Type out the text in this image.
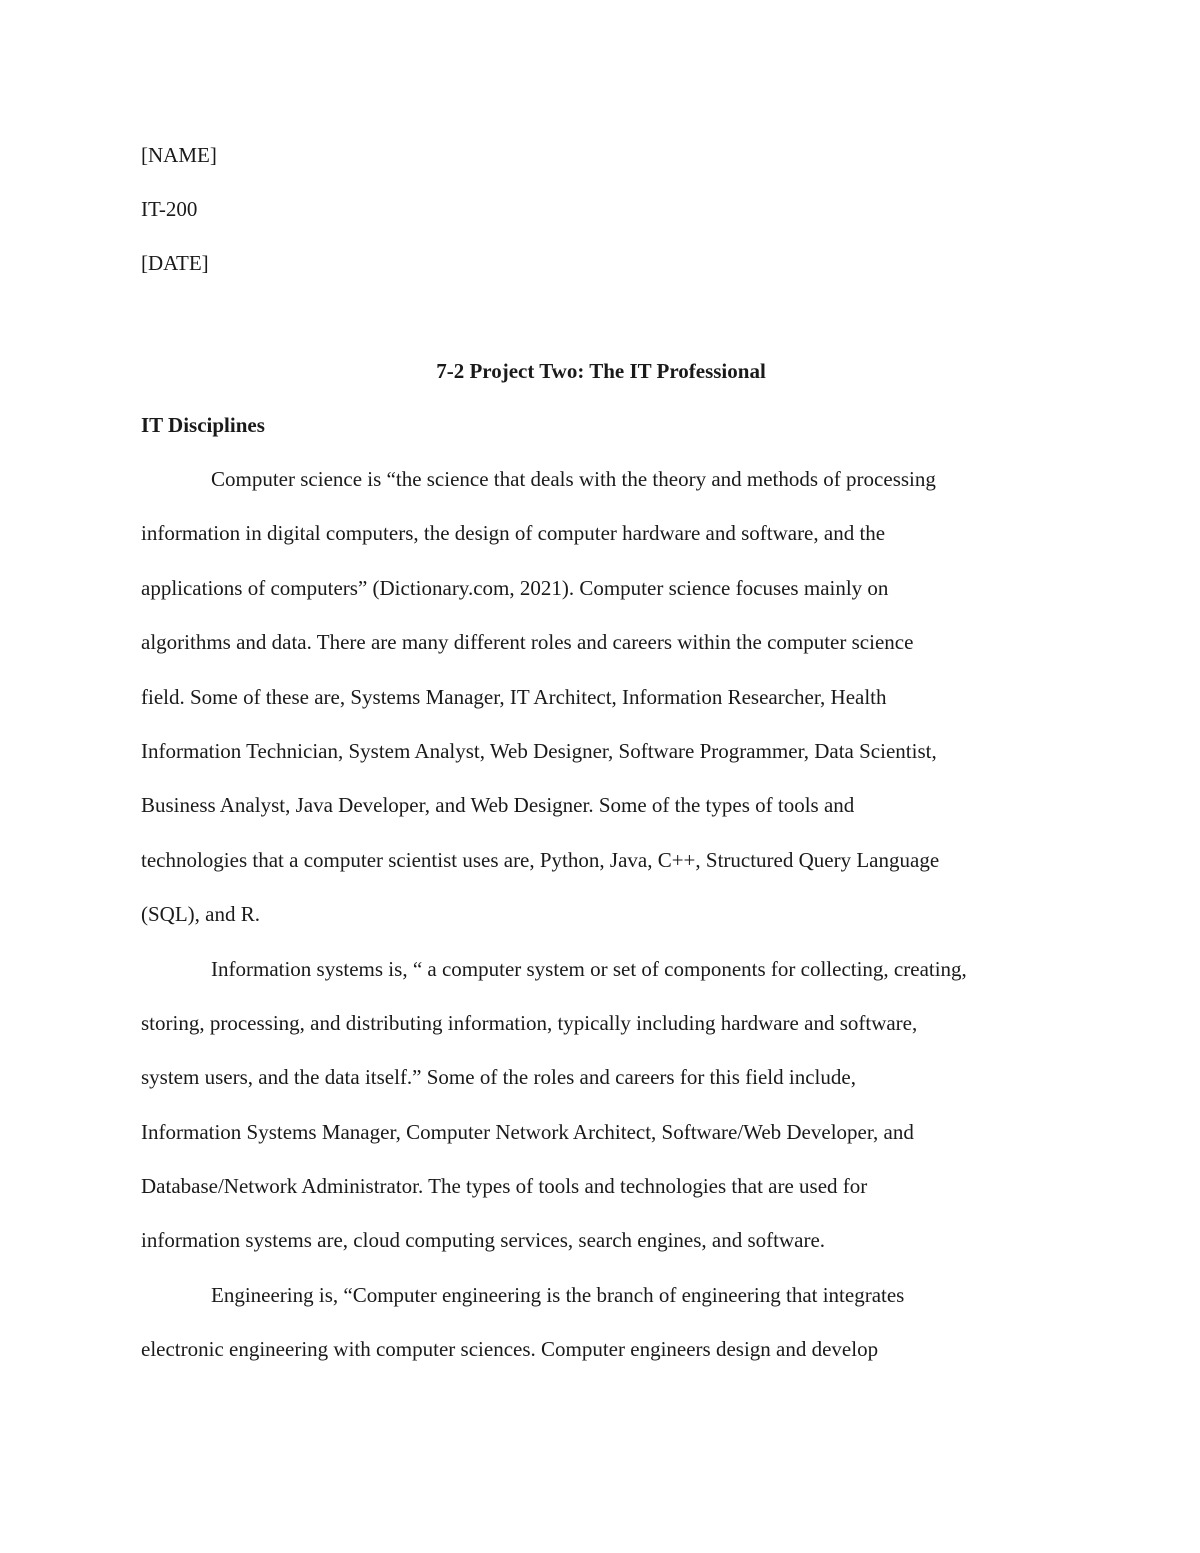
[NAME]
IT-200
[DATE]
7-2 Project Two: The IT Professional
IT Disciplines
Computer science is “the science that deals with the theory and methods of processing
information in digital computers, the design of computer hardware and software, and the
applications of computers” (Dictionary.com, 2021). Computer science focuses mainly on
algorithms and data. There are many different roles and careers within the computer science
field. Some of these are, Systems Manager, IT Architect, Information Researcher, Health
Information Technician, System Analyst, Web Designer, Software Programmer, Data Scientist,
Business Analyst, Java Developer, and Web Designer. Some of the types of tools and
technologies that a computer scientist uses are, Python, Java, C++, Structured Query Language
(SQL), and R.
Information systems is, “ a computer system or set of components for collecting, creating,
storing, processing, and distributing information, typically including hardware and software,
system users, and the data itself.” Some of the roles and careers for this field include,
Information Systems Manager, Computer Network Architect, Software/Web Developer, and
Database/Network Administrator. The types of tools and technologies that are used for
information systems are, cloud computing services, search engines, and software.
Engineering is, “Computer engineering is the branch of engineering that integrates
electronic engineering with computer sciences. Computer engineers design and develop
